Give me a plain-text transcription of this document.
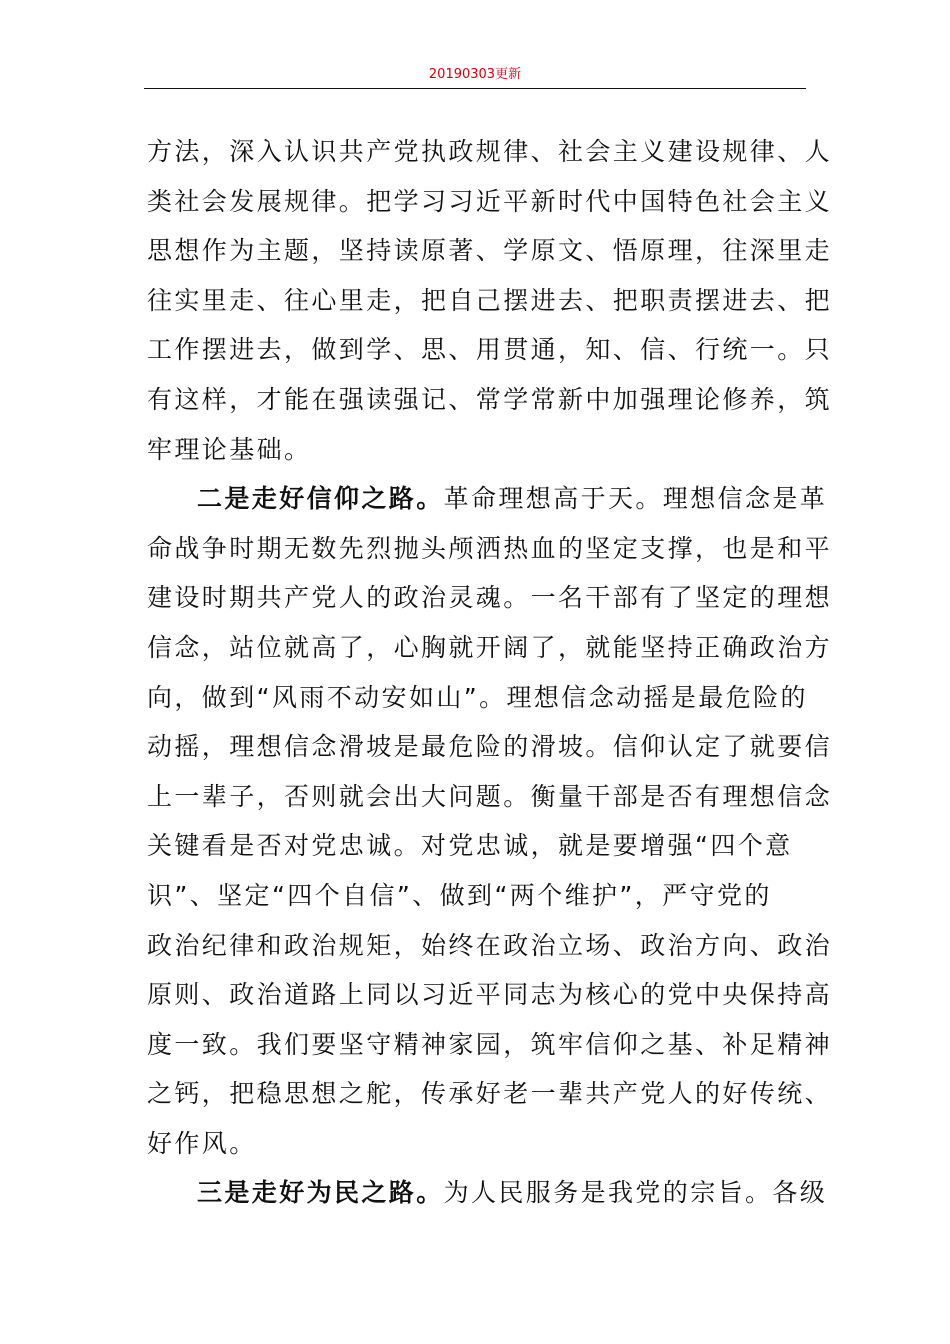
20190303更新
方法，深入认识共产党执政规律、社会主义建设规律、人
类社会发展规律。把学习习近平新时代中国特色社会主义
思想作为主题，坚持读原著、学原文、悟原理，往深里走
往实里走、往心里走，把自己摆进去、把职责摆进去、把
工作摆进去，做到学、思、用贯通，知、信、行统一。只
有这样，才能在强读强记、常学常新中加强理论修养，筑
牢理论基础。
二是走好信仰之路。革命理想高于天。理想信念是革
命战争时期无数先烈抛头颅洒热血的坚定支撑，也是和平
建设时期共产党人的政治灵魂。一名干部有了坚定的理想
信念，站位就高了，心胸就开阔了，就能坚持正确政治方
向，做到“风雨不动安如山”。理想信念动摇是最危险的
动摇，理想信念滑坡是最危险的滑坡。信仰认定了就要信
上一辈子，否则就会出大问题。衡量干部是否有理想信念
关键看是否对党忠诚。对党忠诚，就是要增强“四个意
识”、坚定“四个自信”、做到“两个维护”，严守党的
政治纪律和政治规矩，始终在政治立场、政治方向、政治
原则、政治道路上同以习近平同志为核心的党中央保持高
度一致。我们要坚守精神家园，筑牢信仰之基、补足精神
之钙，把稳思想之舵，传承好老一辈共产党人的好传统、
好作风。
三是走好为民之路。为人民服务是我党的宗旨。各级
